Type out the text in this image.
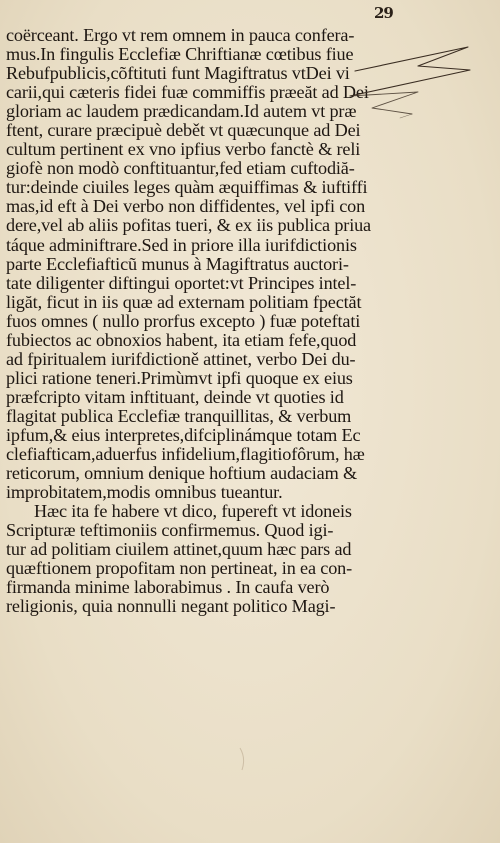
29
coërceant. Ergo vt rem omnem in pauca confera-
mus.In fingulis Ecclefiæ Chriftianæ cœtibus fiue
Rebufpublicis,cõftituti funt Magiftratus vtDei vi
carii,qui cæteris fidei fuæ commiffis præeăt ad Dei
gloriam ac laudem prædicandam.Id autem vt præ
ftent, curare præcipuè debět vt quæcunque ad Dei
cultum pertinent ex vno ipfius verbo fanctè & reli
giofè non modò conftituantur,fed etiam cuftodiă-
tur:deinde ciuiles leges quàm æquiffimas & iuftiffi
mas,id eft à Dei verbo non diffidentes, vel ipfi con
dere,vel ab aliis pofitas tueri, & ex iis publica priua
táque adminiftrare.Sed in priore illa iurifdictionis
parte Ecclefiafticũ munus à Magiftratus auctori-
tate diligenter diftingui oportet:vt Principes intel-
ligăt, ficut in iis quæ ad externam politiam fpectăt
fuos omnes ( nullo prorfus excepto ) fuæ poteftati
fubiectos ac obnoxios habent, ita etiam fefe,quod
ad fpiritualem iurifdictioně attinet, verbo Dei du-
plici ratione teneri.Primùmvt ipfi quoque ex eius
præfcripto vitam inftituant, deinde vt quoties id
flagitat publica Ecclefiæ tranquillitas, & verbum
ipfum,& eius interpretes,difciplinámque totam Ec
clefiafticam,aduerfus infidelium,flagitiofôrum, hæ
reticorum, omnium denique hoftium audaciam &
improbitatem,modis omnibus tueantur.
Hæc ita fe habere vt dico, fupereft vt idoneis
Scripturæ teftimoniis confirmemus. Quod igi-
tur ad politiam ciuilem attinet,quum hæc pars ad
quæftionem propofitam non pertineat, in ea con-
firmanda minime laborabimus . In caufa verò
religionis, quia nonnulli negant politico Magi-
